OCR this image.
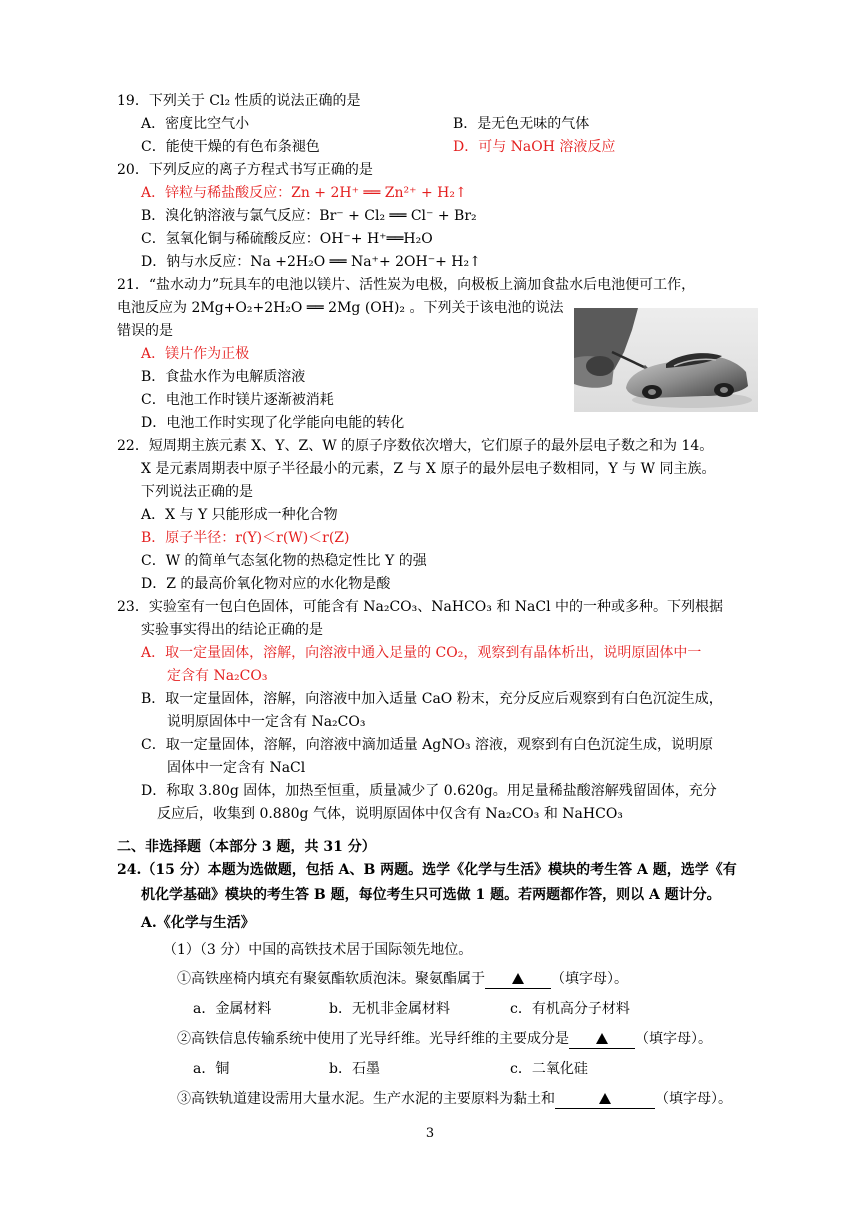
19．下列关于 Cl₂ 性质的说法正确的是
A．密度比空气小	B．是无色无味的气体
C．能使干燥的有色布条褪色	D．可与 NaOH 溶液反应
20．下列反应的离子方程式书写正确的是
A．锌粒与稀盐酸反应：Zn + 2H⁺ ══ Zn²⁺ + H₂↑
B．溴化钠溶液与氯气反应：Br⁻ + Cl₂ ══ Cl⁻ + Br₂
C．氢氧化铜与稀硫酸反应：OH⁻+ H⁺══H₂O
D．钠与水反应：Na +2H₂O ══ Na⁺+ 2OH⁻+ H₂↑
21．“盐水动力”玩具车的电池以镁片、活性炭为电极，向极板上滴加食盐水后电池便可工作，
电池反应为 2Mg+O₂+2H₂O ══ 2Mg (OH)₂ 。下列关于该电池的说法
错误的是
A．镁片作为正极
B．食盐水作为电解质溶液
C．电池工作时镁片逐渐被消耗
D．电池工作时实现了化学能向电能的转化
22．短周期主族元素 X、Y、Z、W 的原子序数依次增大，它们原子的最外层电子数之和为 14。
X 是元素周期表中原子半径最小的元素，Z 与 X 原子的最外层电子数相同，Y 与 W 同主族。
下列说法正确的是
A．X 与 Y 只能形成一种化合物
B．原子半径：r(Y)＜r(W)＜r(Z)
C．W 的简单气态氢化物的热稳定性比 Y 的强
D．Z 的最高价氧化物对应的水化物是酸
23．实验室有一包白色固体，可能含有 Na₂CO₃、NaHCO₃ 和 NaCl 中的一种或多种。下列根据
实验事实得出的结论正确的是
A．取一定量固体，溶解，向溶液中通入足量的 CO₂，观察到有晶体析出，说明原固体中一
定含有 Na₂CO₃
B．取一定量固体，溶解，向溶液中加入适量 CaO 粉末，充分反应后观察到有白色沉淀生成，
说明原固体中一定含有 Na₂CO₃
C．取一定量固体，溶解，向溶液中滴加适量 AgNO₃ 溶液，观察到有白色沉淀生成，说明原
固体中一定含有 NaCl
D．称取 3.80g 固体，加热至恒重，质量减少了 0.620g。用足量稀盐酸溶解残留固体，充分
反应后，收集到 0.880g 气体，说明原固体中仅含有 Na₂CO₃ 和 NaHCO₃
二、非选择题（本部分 3 题，共 31 分）
24.（15 分）本题为选做题，包括 A、B 两题。选学《化学与生活》模块的考生答 A 题，选学《有
机化学基础》模块的考生答 B 题，每位考生只可选做 1 题。若两题都作答，则以 A 题计分。
A.《化学与生活》
（1）（3 分）中国的高铁技术居于国际领先地位。
①高铁座椅内填充有聚氨酯软质泡沫。聚氨酯属于	（填字母）。
a．金属材料	b．无机非金属材料	c．有机高分子材料
②高铁信息传输系统中使用了光导纤维。光导纤维的主要成分是	（填字母）。
a．铜	b．石墨	c．二氧化硅
③高铁轨道建设需用大量水泥。生产水泥的主要原料为黏土和	（填字母）。
3
